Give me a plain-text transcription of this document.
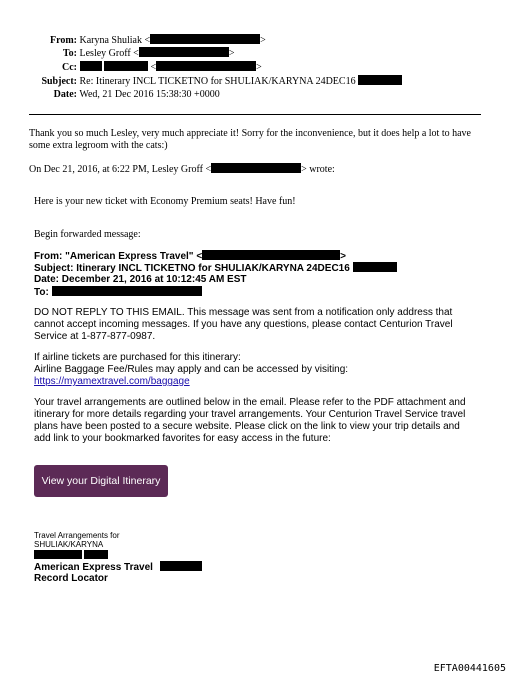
From: Karyna Shuliak <	>
To: Lesley Groff <	>
Cc:	<	>
Subject: Re: Itinerary INCL TICKETNO for SHULIAK/KARYNA 24DEC16
Date: Wed, 21 Dec 2016 15:38:30 +0000
Thank you so much Lesley, very much appreciate it! Sorry for the inconvenience, but it does help a lot to have
some extra legroom with the cats:)
On Dec 21, 2016, at 6:22 PM, Lesley Groff <	> wrote:
Here is your new ticket with Economy Premium seats! Have fun!
Begin forwarded message:
From: "American Express Travel" <	>
Subject: Itinerary INCL TICKETNO for SHULIAK/KARYNA 24DEC16
Date: December 21, 2016 at 10:12:45 AM EST
To:
DO NOT REPLY TO THIS EMAIL. This message was sent from a notification only address that
cannot accept incoming messages. If you have any questions, please contact Centurion Travel
Service at 1-877-877-0987.
If airline tickets are purchased for this itinerary:
Airline Baggage Fee/Rules may apply and can be accessed by visiting:
https://myamextravel.com/baggage
Your travel arrangements are outlined below in the email. Please refer to the PDF attachment and
itinerary for more details regarding your travel arrangements. Your Centurion Travel Service travel
plans have been posted to a secure website. Please click on the link to view your trip details and
add link to your bookmarked favorites for easy access in the future:
View your Digital Itinerary
Travel Arrangements for
SHULIAK/KARYNA

American Express Travel
Record Locator
EFTA00441605
